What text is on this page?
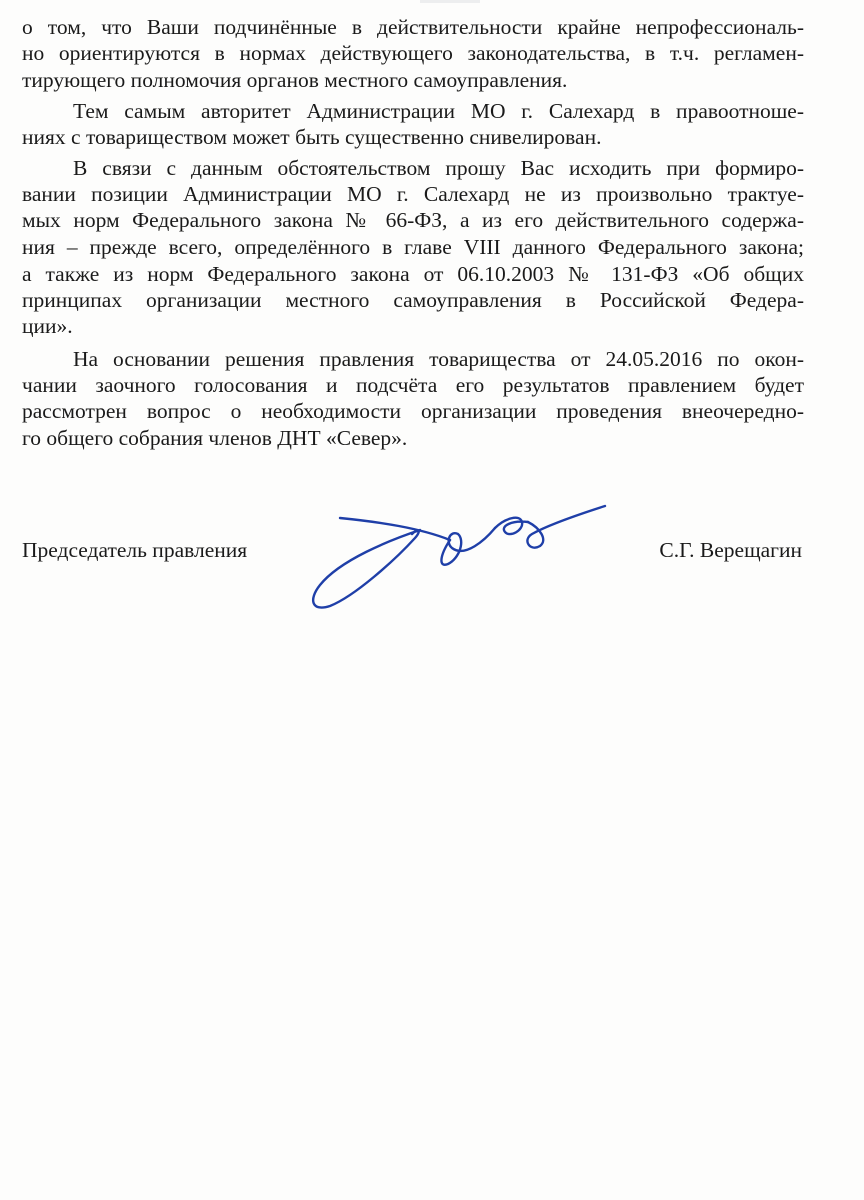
о том, что Ваши подчинённые в действительности крайне непрофессиональ-
но ориентируются в нормах действующего законодательства, в т.ч. регламен-
тирующего полномочия органов местного самоуправления.
Тем самым авторитет Администрации МО г. Салехард в правоотноше-
ниях с товариществом может быть существенно снивелирован.
В связи с данным обстоятельством прошу Вас исходить при формиро-
вании позиции Администрации МО г. Салехард не из произвольно трактуе-
мых норм Федерального закона № 66-ФЗ, а из его действительного содержа-
ния – прежде всего, определённого в главе VIII данного Федерального закона;
а также из норм Федерального закона от 06.10.2003 № 131-ФЗ «Об общих
принципах организации местного самоуправления в Российской Федера-
ции».
На основании решения правления товарищества от 24.05.2016 по окон-
чании заочного голосования и подсчёта его результатов правлением будет
рассмотрен вопрос о необходимости организации проведения внеочередно-
го общего собрания членов ДНТ «Север».
Председатель правления	С.Г. Верещагин
